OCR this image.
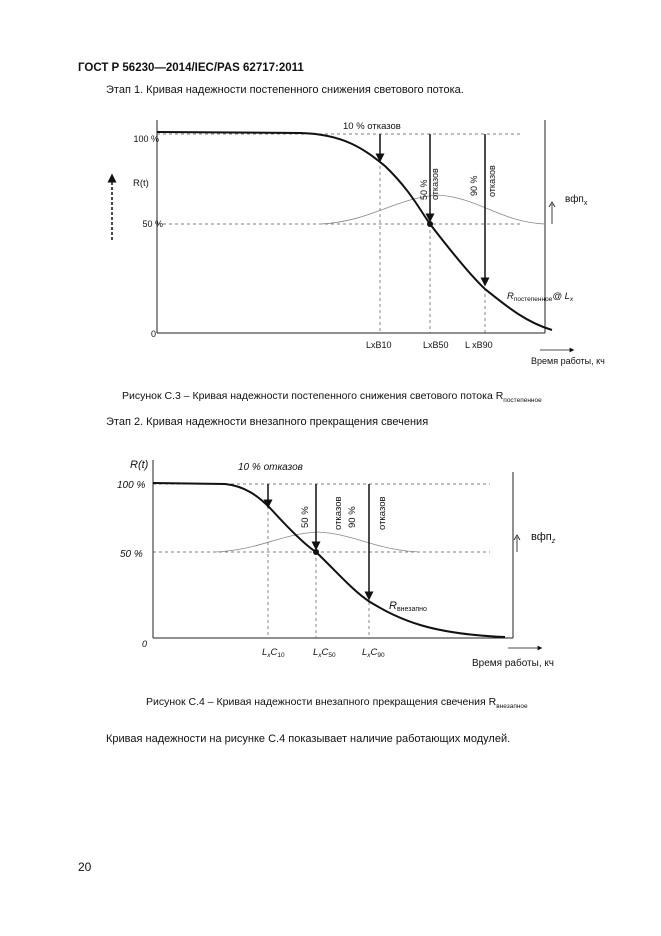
ГОСТ Р 56230—2014/IEC/PAS 62717:2011
Этап 1. Кривая надежности постепенного снижения светового потока.
100 %
50 %
0
R(t)
10 % отказов
50 % отказов	90 % отказов
вфп$_x$
$R_{постепенное}@$ $L_x$
LxB10	LxB50 L xB90
Время работы, кч
Рисунок С.3 – Кривая надежности постепенного снижения светового потока $R_{постепенное}$
Этап 2. Кривая надежности внезапного прекращения свечения
R(t)
100 %
50 %
0
10 % отказов
50 % отказов 90 % отказов
вфп$_z$
Rвнезапно
$L_xC_{10}$	$L_xC_{50}$	$L_xC_{90}$
Время работы, кч
Рисунок С.4 – Кривая надежности внезапного прекращения свечения $R_{внезапное}$
Кривая надежности на рисунке С.4 показывает наличие работающих модулей.
20
